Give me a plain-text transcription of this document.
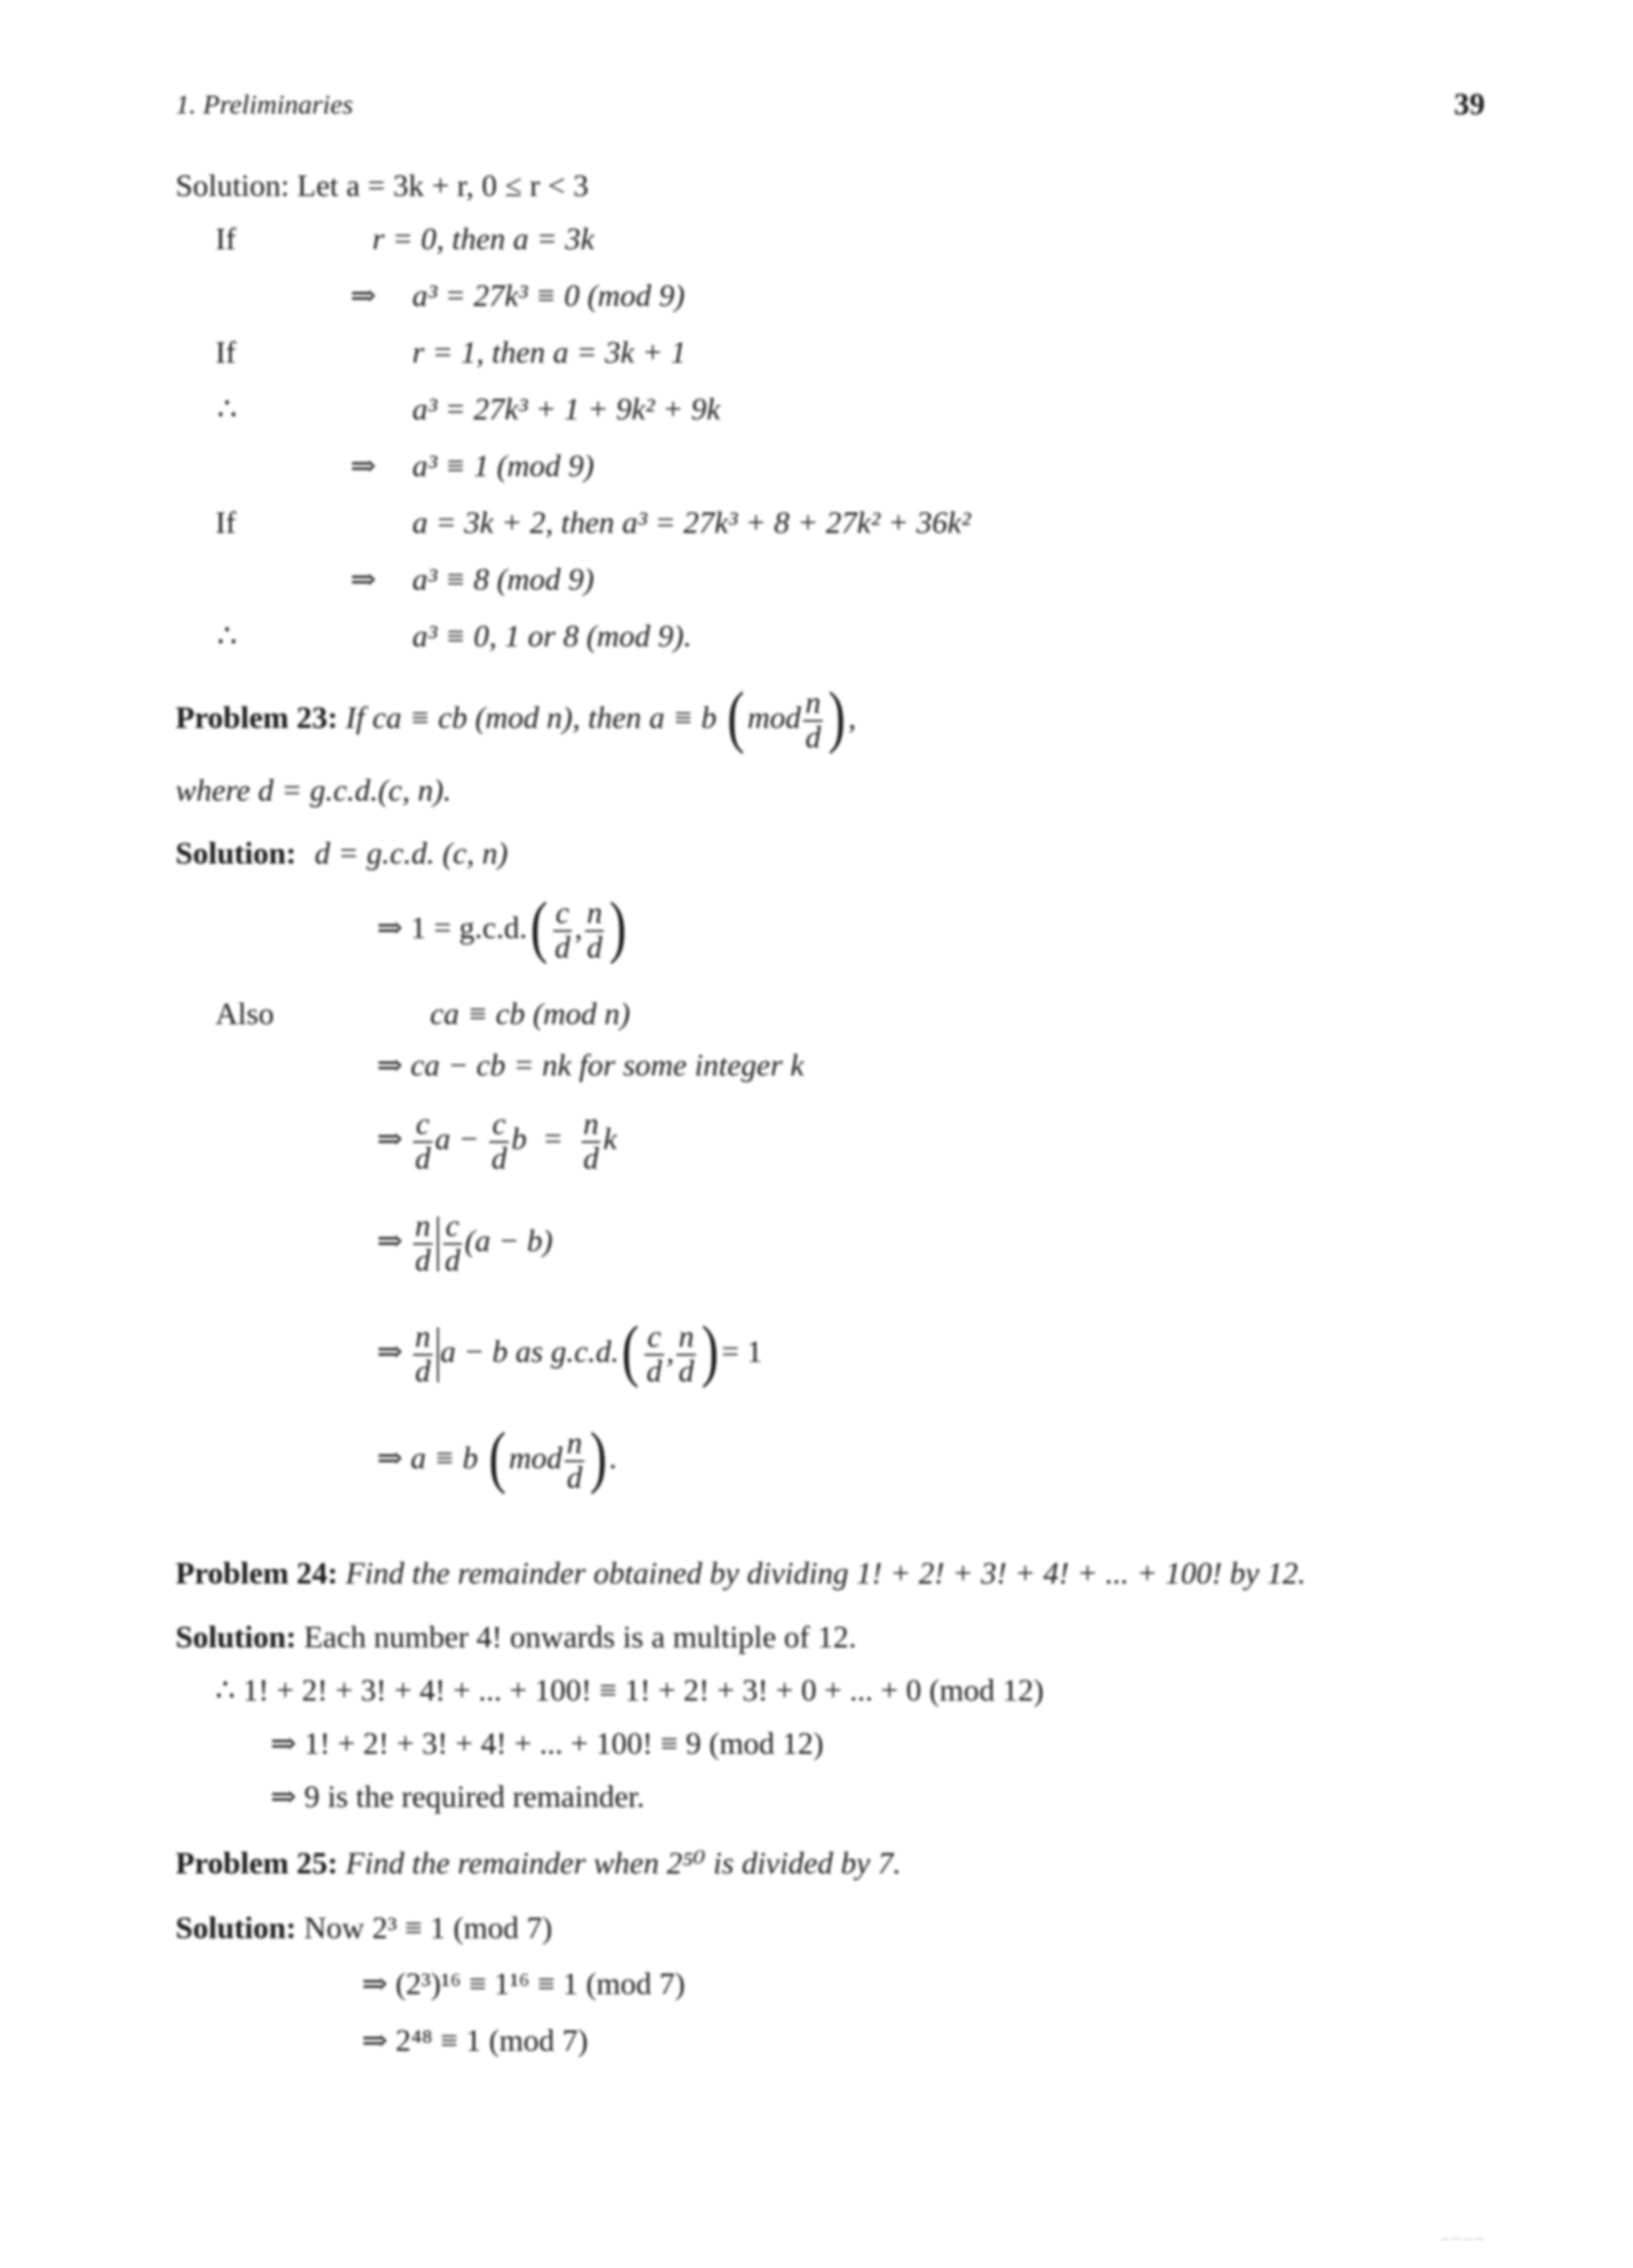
1. Preliminaries	39
Solution: Let a = 3k + r, 0 ≤ r < 3
If	r = 0, then a = 3k
⇒ a³ = 27k³ ≡ 0 (mod 9)
If	r = 1, then a = 3k + 1
∴	a³ = 27k³ + 1 + 9k² + 9k
⇒ a³ ≡ 1 (mod 9)
If	a = 3k + 2, then a³ = 27k³ + 8 + 27k² + 36k²
⇒ a³ ≡ 8 (mod 9)
∴	a³ ≡ 0, 1 or 8 (mod 9).
Problem 23: If ca ≡ cb (mod n), then a ≡ b ($mod \frac{n}{d}$ ),
where d = g.c.d.(c, n).
Solution: d = g.c.d. (c, n)
⇒ $1 = g.c.d.( \frac{c}{d}$ , $\frac{n}{d}$ )
Also	ca ≡ cb (mod n)
⇒ ca − cb = nk for some integer k
⇒ $\frac{c}{d}$ $a - \frac{c}{d}$ $b = \frac{n}{d}$ k
⇒ $\frac{n}{d} \frac{c}{d} (a - b)$
⇒ $\frac{n}{d}$ a − b as $g.c.d.( \frac{c}{d}$ , $\frac{n}{d}$ )= 1
⇒ a ≡ b ($mod \frac{n}{d}$ ).
Problem 24: Find the remainder obtained by dividing 1! + 2! + 3! + 4! + ... + 100! by 12.
Solution: Each number 4! onwards is a multiple of 12.
∴ 1! + 2! + 3! + 4! + ... + 100! ≡ 1! + 2! + 3! + 0 + ... + 0 (mod 12)
⇒ 1! + 2! + 3! + 4! + ... + 100! ≡ 9 (mod 12)
⇒ 9 is the required remainder.
Problem 25: Find the remainder when 2⁵⁰ is divided by 7.
Solution: Now 2³ ≡ 1 (mod 7)
⇒ (2³)¹⁶ ≡ 1¹⁶ ≡ 1 (mod 7)
⇒ 2⁴⁸ ≡ 1 (mod 7)
— — — —
